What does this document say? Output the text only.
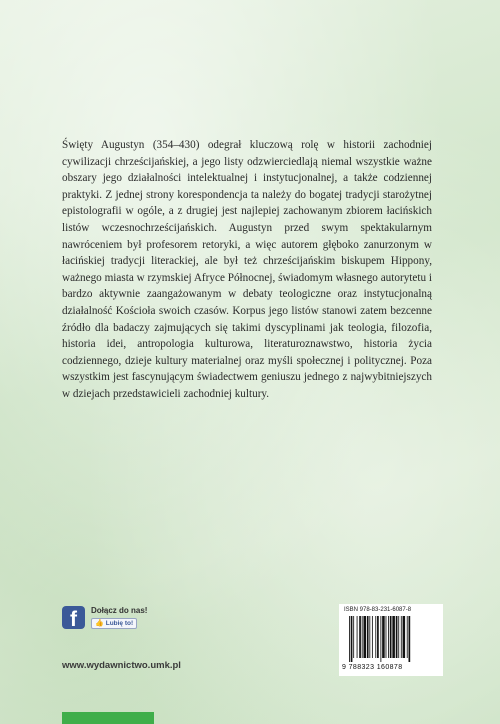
Święty Augustyn (354–430) odegrał kluczową rolę w historii zachodniej cywilizacji chrześcijańskiej, a jego listy odzwierciedlają niemal wszystkie ważne obszary jego działalności intelektualnej i instytucjonalnej, a także codziennej praktyki. Z jednej strony korespondencja ta należy do bogatej tradycji starożytnej epistolografii w ogóle, a z drugiej jest najlepiej zachowanym zbiorem łacińskich listów wczesnochrześcijańskich. Augustyn przed swym spektakularnym nawróceniem był profesorem retoryki, a więc autorem głęboko zanurzonym w łacińskiej tradycji literackiej, ale był też chrześcijańskim biskupem Hippony, ważnego miasta w rzymskiej Afryce Północnej, świadomym własnego autorytetu i bardzo aktywnie zaangażowanym w debaty teologiczne oraz instytucjonalną działalność Kościoła swoich czasów. Korpus jego listów stanowi zatem bezcenne źródło dla badaczy zajmujących się takimi dyscyplinami jak teologia, filozofia, historia idei, antropologia kulturowa, literaturoznawstwo, historia życia codziennego, dzieje kultury materialnej oraz myśli społecznej i politycznej. Poza wszystkim jest fascynującym świadectwem geniuszu jednego z najwybitniejszych w dziejach przedstawicieli zachodniej kultury.

f Dołącz do nas!
👍 Lubię to!
www.wydawnictwo.umk.pl
ISBN 978-83-231-6087-8
9 788323 160878
